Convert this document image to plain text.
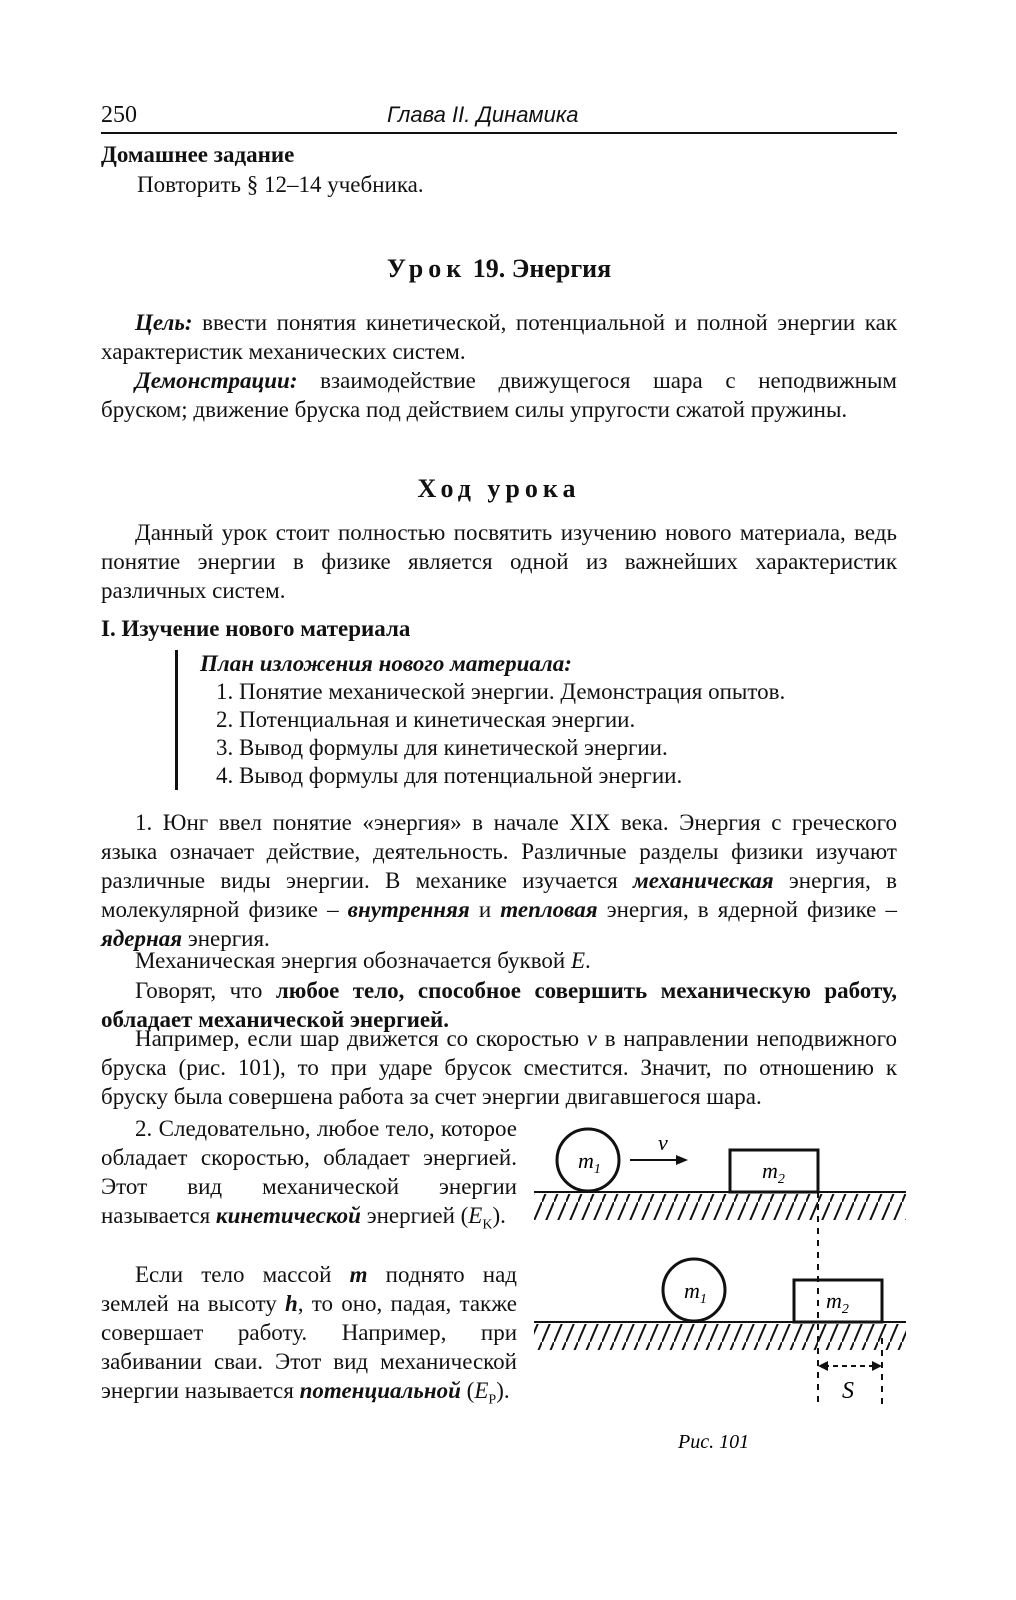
250	Глава II. Динамика

Домашнее задание

Повторить § 12–14 учебника.

Урок 19. Энергия

Цель: ввести понятия кинетической, потенциальной и полной энергии как характеристик механических систем.

Демонстрации: взаимодействие движущегося шара с неподвижным бруском; движение бруска под действием силы упругости сжатой пружины.

Ход урока

Данный урок стоит полностью посвятить изучению нового материала, ведь понятие энергии в физике является одной из важнейших характеристик различных систем.

I. Изучение нового материала

План изложения нового материала:
1. Понятие механической энергии. Демонстрация опытов.
2. Потенциальная и кинетическая энергии.
3. Вывод формулы для кинетической энергии.
4. Вывод формулы для потенциальной энергии.

1. Юнг ввел понятие «энергия» в начале XIX века. Энергия с греческого языка означает действие, деятельность. Различные разделы физики изучают различные виды энергии. В механике изучается механическая энергия, в молекулярной физике – внутренняя и тепловая энергия, в ядерной физике – ядерная энергия.

Механическая энергия обозначается буквой E.

Говорят, что любое тело, способное совершить механическую работу, обладает механической энергией.

Например, если шар движется со скоростью v в направлении неподвижного бруска (рис. 101), то при ударе брусок сместится. Значит, по отношению к бруску была совершена работа за счет энергии двигавшегося шара.

2. Следовательно, любое тело, которое обладает скоростью, обладает энергией. Этот вид механической энергии называется кинетической энергией $(E_K)$.

Если тело массой m поднято над землей на высоту h, то оно, падая, также совершает работу. Например, при забивании сваи. Этот вид механической энергии называется потенциальной $(E_P)$.

$m_1$
v
$m_2$
$m_1$	$m_2$
S
Рис. 101
